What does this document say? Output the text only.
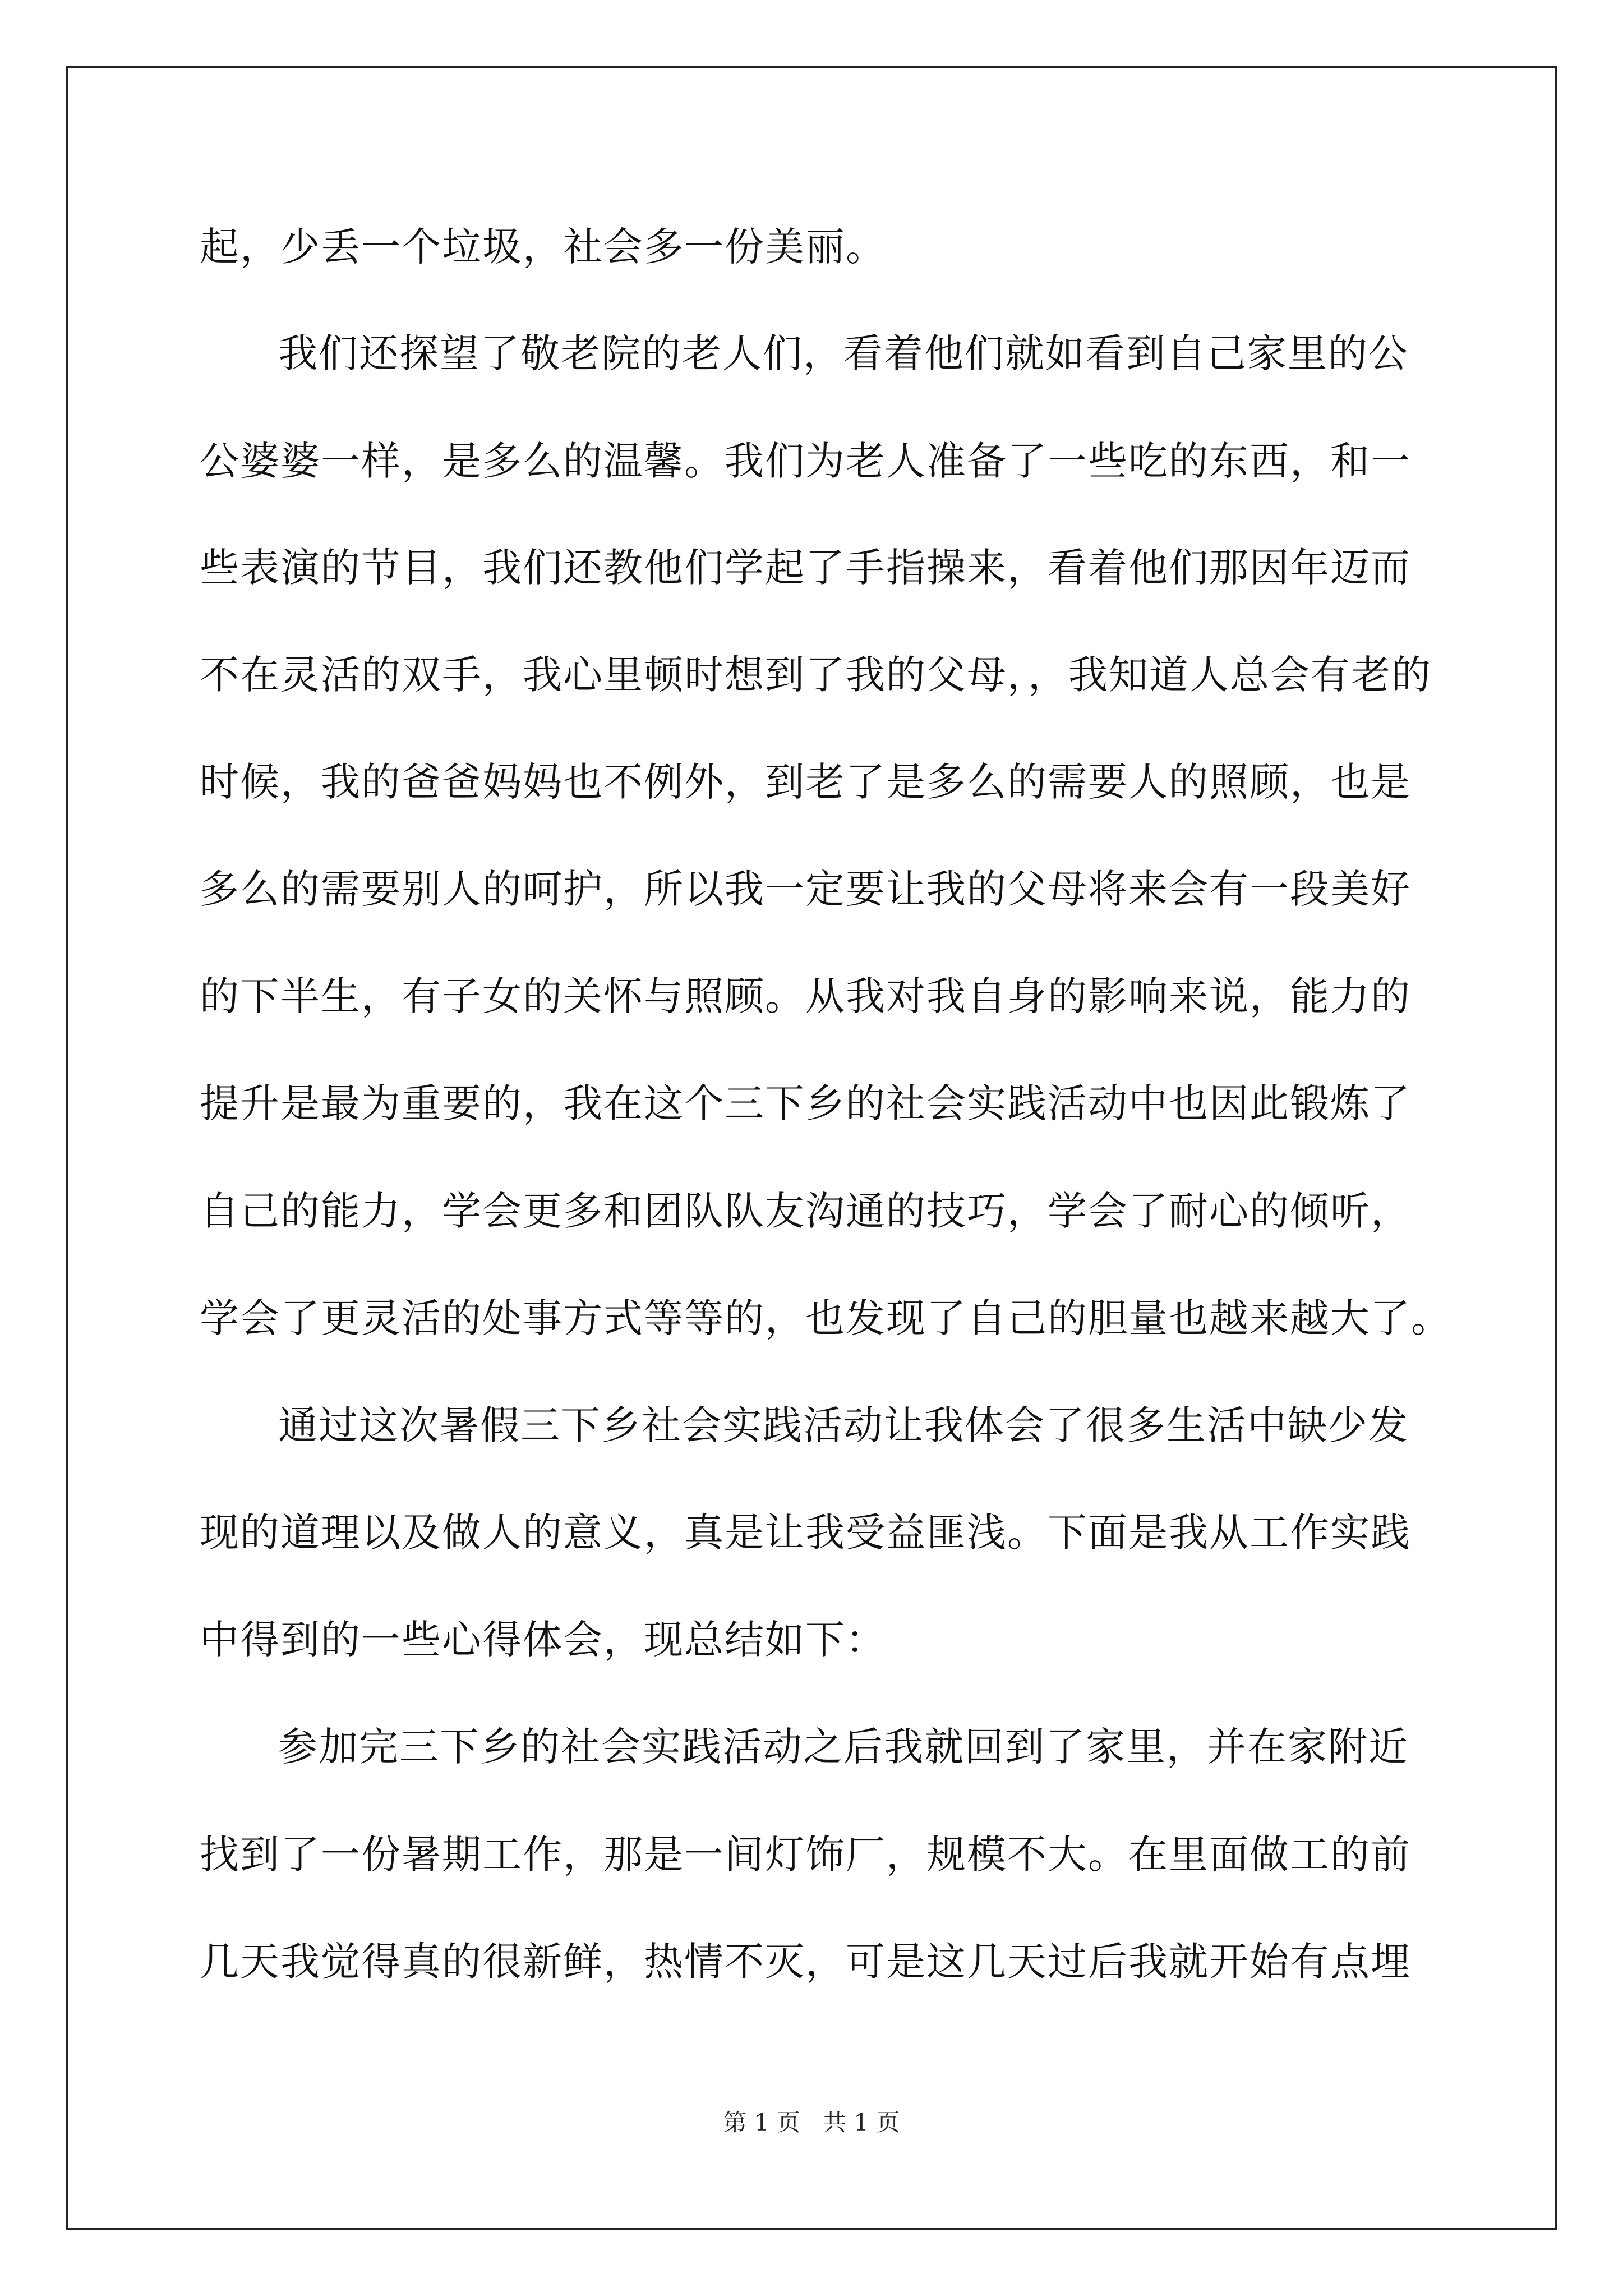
起，少丢一个垃圾，社会多一份美丽。
我们还探望了敬老院的老人们，看着他们就如看到自己家里的公
公婆婆一样，是多么的温馨。我们为老人准备了一些吃的东西，和一
些表演的节目，我们还教他们学起了手指操来，看着他们那因年迈而
不在灵活的双手，我心里顿时想到了我的父母，，我知道人总会有老的
时候，我的爸爸妈妈也不例外，到老了是多么的需要人的照顾，也是
多么的需要别人的呵护，所以我一定要让我的父母将来会有一段美好
的下半生，有子女的关怀与照顾。从我对我自身的影响来说，能力的
提升是最为重要的，我在这个三下乡的社会实践活动中也因此锻炼了
自己的能力，学会更多和团队队友沟通的技巧，学会了耐心的倾听，
学会了更灵活的处事方式等等的，也发现了自己的胆量也越来越大了。
通过这次暑假三下乡社会实践活动让我体会了很多生活中缺少发
现的道理以及做人的意义，真是让我受益匪浅。下面是我从工作实践
中得到的一些心得体会，现总结如下：
参加完三下乡的社会实践活动之后我就回到了家里，并在家附近
找到了一份暑期工作，那是一间灯饰厂，规模不大。在里面做工的前
几天我觉得真的很新鲜，热情不灭，可是这几天过后我就开始有点埋
第 1 页   共 1 页
